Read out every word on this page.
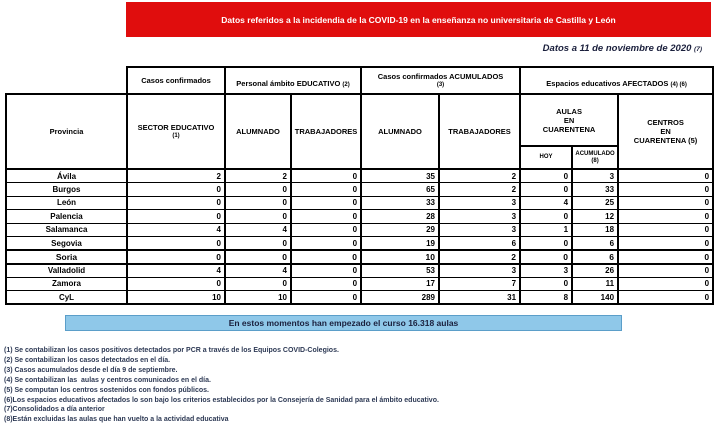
Datos referidos a la incidendia de la COVID-19 en la enseñanza no universitaria de Castilla y León
Datos a 11 de noviembre de 2020 (7)
	Casos confirmados	Personal ámbito EDUCATIVO (2)		Casos confirmados ACUMULADOS
(3)		Espacios educativos AFECTADOS (4) (6)		
Provincia	SECTOR EDUCATIVO
(1)	ALUMNADO	TRABAJADORES	ALUMNADO	TRABAJADORES	AULAS
EN
CUARENTENA		CENTROS
EN
CUARENTENA (5)

						HOY	ACUMULADO(8)	
Ávila	2	2	0	35	2	0	3	0
Burgos	0	0	0	65	2	0	33	0
León	0	0	0	33	3	4	25	0
Palencia	0	0	0	28	3	0	12	0
Salamanca	4	4	0	29	3	1	18	0
Segovia	0	0	0	19	6	0	6	0
Soria	0	0	0	10	2	0	6	0
Valladolid	4	4	0	53	3	3	26	0
Zamora	0	0	0	17	7	0	11	0
CyL	10	10	0	289	31	8	140	0
En estos momentos han empezado el curso 16.318 aulas
(1) Se contabilizan los casos positivos detectados por PCR a través de los Equipos COVID-Colegios.
(2) Se contabilizan los casos detectados en el día.
(3) Casos acumulados desde el día 9 de septiembre.
(4) Se contabilizan las  aulas y centros comunicados en el día.
(5) Se computan los centros sostenidos con fondos públicos.
(6)Los espacios educativos afectados lo son bajo los criterios establecidos por la Consejería de Sanidad para el ámbito educativo.
(7)Consolidados a día anterior
(8)Están excluidas las aulas que han vuelto a la actividad educativa
